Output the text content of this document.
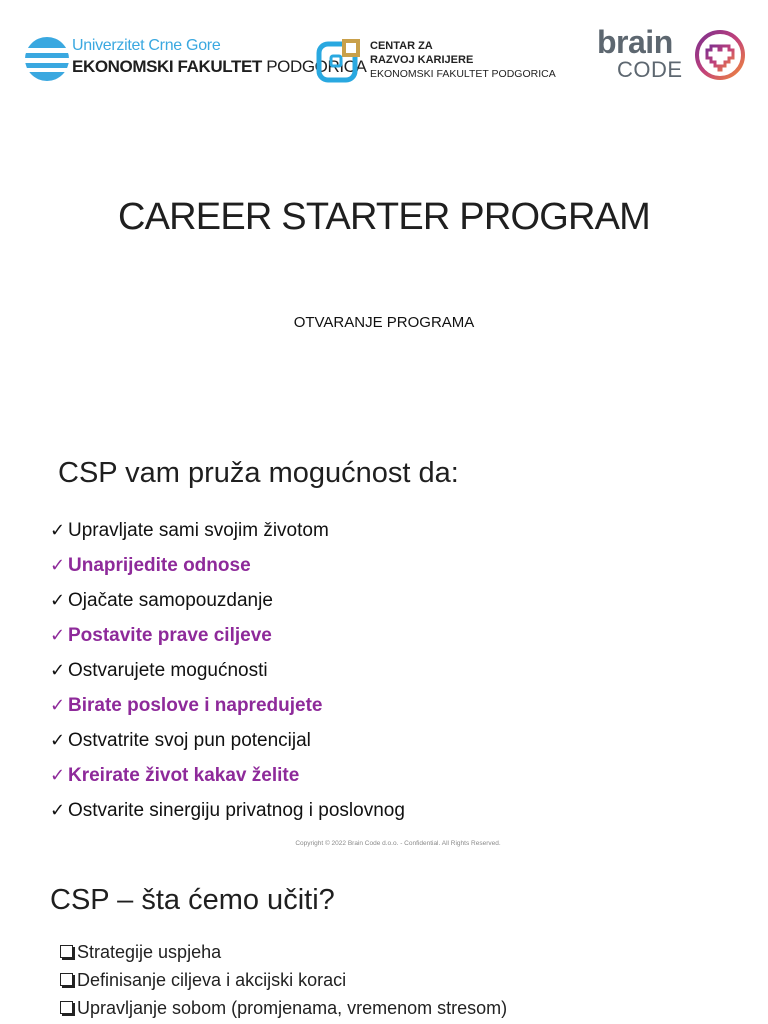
Univerzitet Crne Gore
EKONOMSKI FAKULTET PODGORICA
CENTAR ZA
RAZVOJ KARIJERE
EKONOMSKI FAKULTET PODGORICA
brain
CODE
CAREER STARTER PROGRAM
OTVARANJE PROGRAMA
CSP vam pruža mogućnost da:
✓ Upravljate sami svojim životom
✓ Unaprijedite odnose
✓ Ojačate samopouzdanje
✓ Postavite prave ciljeve
✓ Ostvarujete mogućnosti
✓ Birate poslove i napredujete
✓ Ostvatrite svoj pun potencijal
✓ Kreirate život kakav želite
✓ Ostvarite sinergiju privatnog i poslovnog
Copyright © 2022 Brain Code d.o.o. - Confidential. All Rights Reserved.
CSP – šta ćemo učiti?
Strategije uspjeha
Definisanje ciljeva i akcijski koraci
Upravljanje sobom (promjenama, vremenom stresom)
